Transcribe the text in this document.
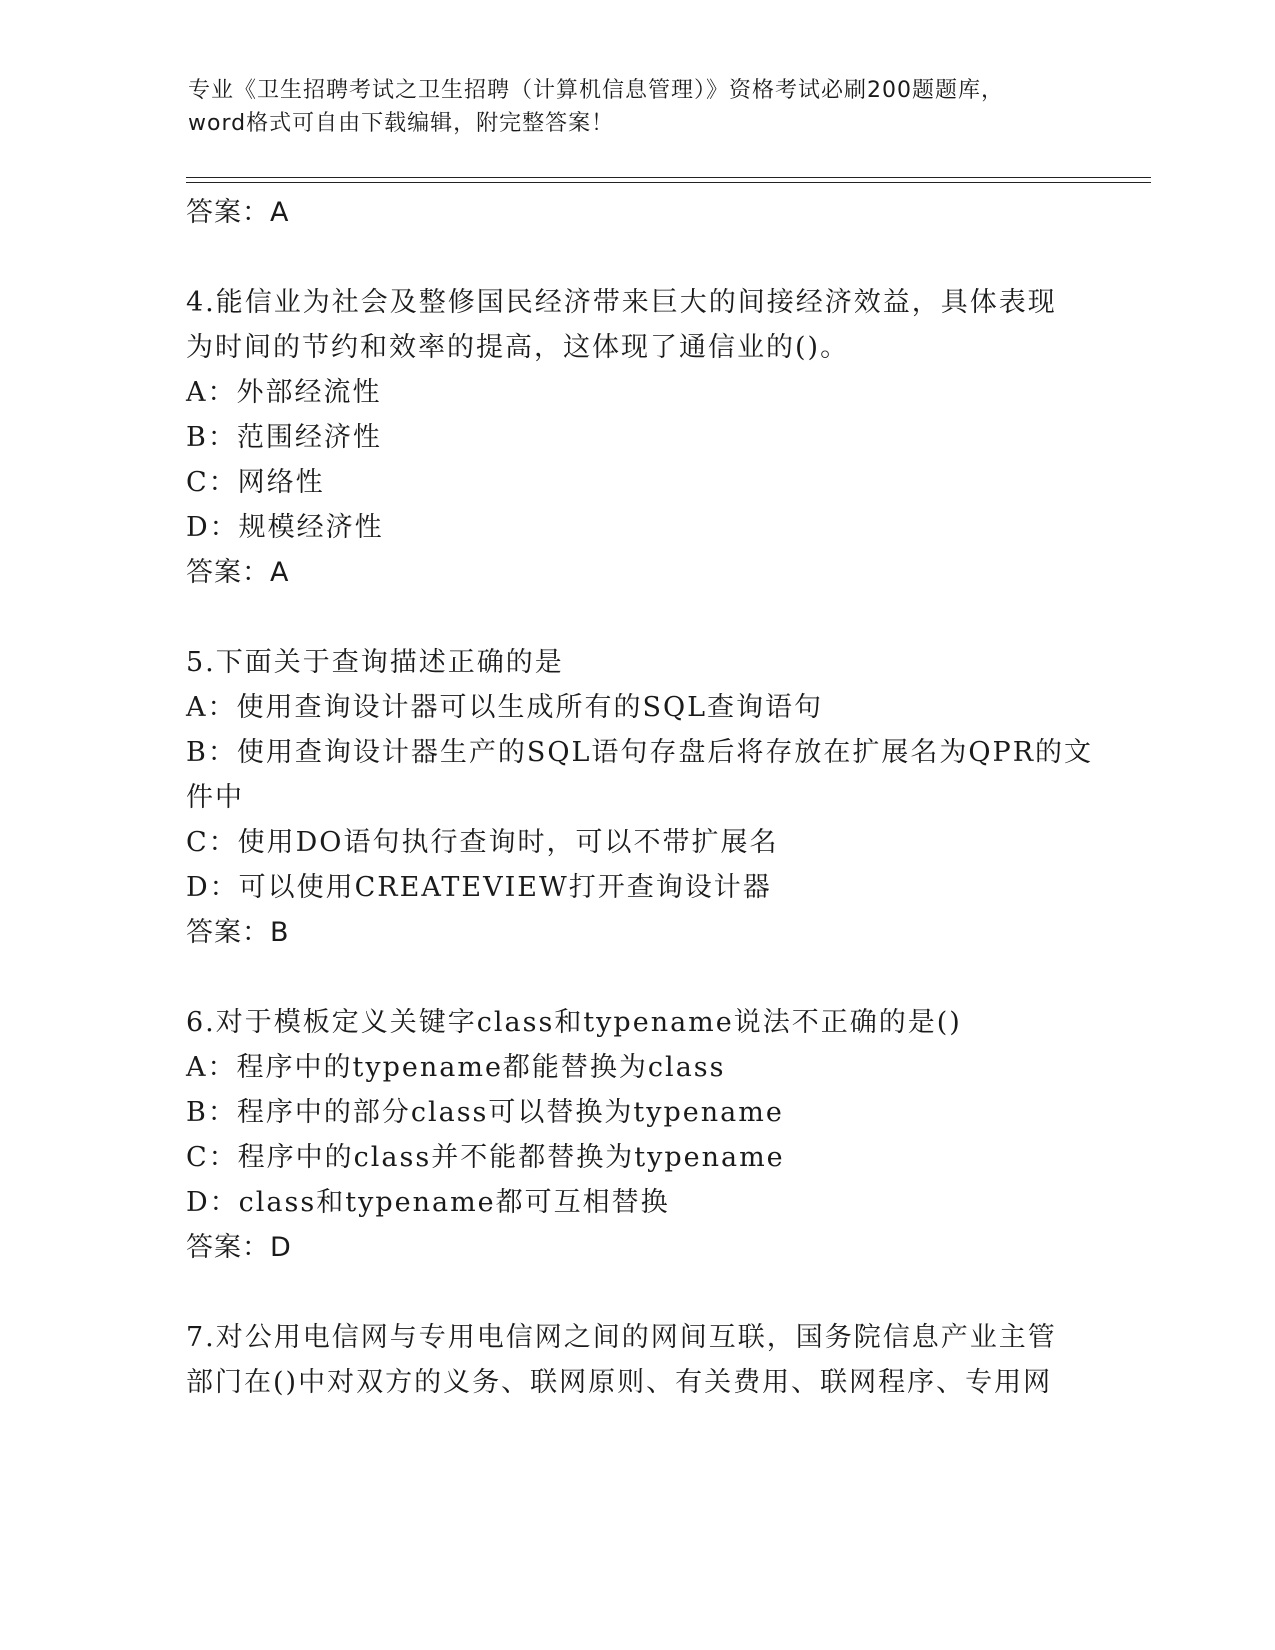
专业《卫生招聘考试之卫生招聘（计算机信息管理）》资格考试必刷200题题库，
word格式可自由下载编辑，附完整答案！
答案：A
4.能信业为社会及整修国民经济带来巨大的间接经济效益，具体表现
为时间的节约和效率的提高，这体现了通信业的()。
A：外部经流性
B：范围经济性
C：网络性
D：规模经济性
答案：A
5.下面关于查询描述正确的是
A：使用查询设计器可以生成所有的SQL查询语句
B：使用查询设计器生产的SQL语句存盘后将存放在扩展名为QPR的文
件中
C：使用DO语句执行查询时，可以不带扩展名
D：可以使用CREATEVIEW打开查询设计器
答案：B
6.对于模板定义关键字class和typename说法不正确的是()
A：程序中的typename都能替换为class
B：程序中的部分class可以替换为typename
C：程序中的class并不能都替换为typename
D：class和typename都可互相替换
答案：D
7.对公用电信网与专用电信网之间的网间互联，国务院信息产业主管
部门在()中对双方的义务、联网原则、有关费用、联网程序、专用网
